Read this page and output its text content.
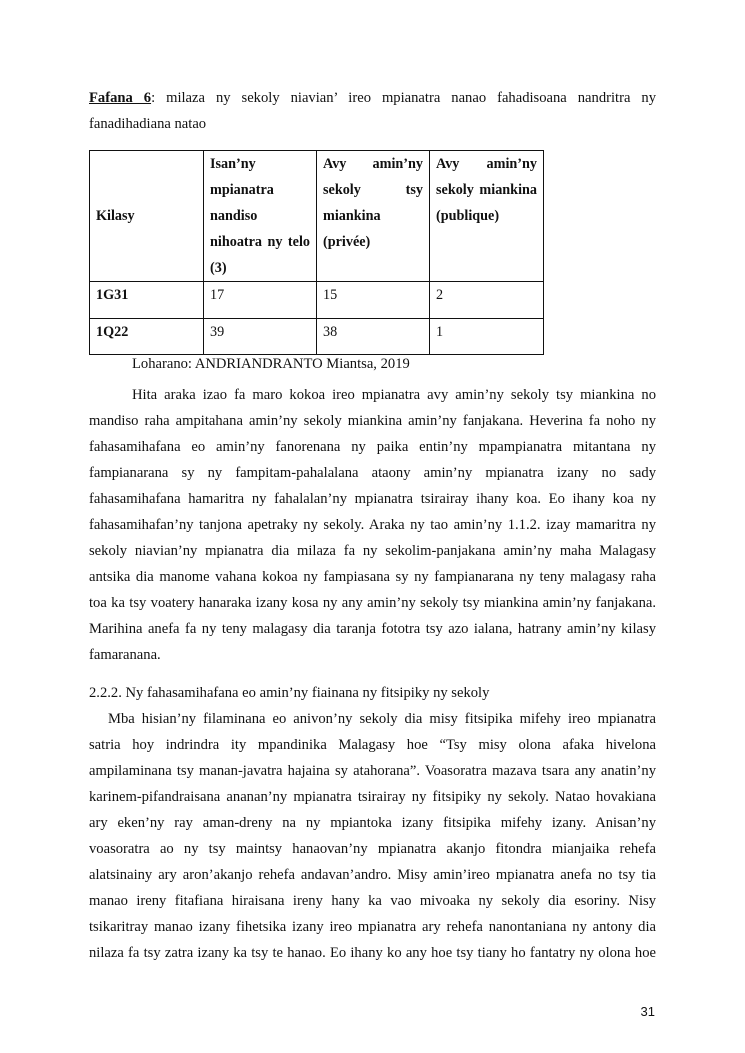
Fafana 6: milaza ny sekoly niavian’ ireo mpianatra nanao fahadisoana nandritra ny
fanadihadiana natao
Kilasy	Isan’ny mpianatra nandiso nihoatra ny telo (3)	Avy amin’ny sekoly tsy miankina (privée)	Avy amin’ny sekoly miankina (publique)
1G31	17	15	2
1Q22	39	38	1
Loharano: ANDRIANDRANTO Miantsa, 2019
Hita araka izao fa maro kokoa ireo mpianatra avy amin’ny sekoly tsy miankina no
mandiso raha ampitahana amin’ny sekoly miankina amin’ny fanjakana. Heverina fa noho ny
fahasamihafana eo amin’ny fanorenana ny paika entin’ny mpampianatra mitantana ny
fampianarana sy ny fampitam-pahalalana ataony amin’ny mpianatra izany no sady
fahasamihafana hamaritra ny fahalalan’ny mpianatra tsirairay ihany koa. Eo ihany koa ny
fahasamihafan’ny tanjona apetraky ny sekoly. Araka ny tao amin’ny 1.1.2. izay mamaritra ny
sekoly niavian’ny mpianatra dia milaza fa ny sekolim-panjakana amin’ny maha Malagasy
antsika dia manome vahana kokoa ny fampiasana sy ny fampianarana ny teny malagasy raha
toa ka tsy voatery hanaraka izany kosa ny any amin’ny sekoly tsy miankina amin’ny fanjakana.
Marihina anefa fa ny teny malagasy dia taranja fototra tsy azo ialana, hatrany amin’ny kilasy
famaranana.
2.2.2. Ny fahasamihafana eo amin’ny fiainana ny fitsipiky ny sekoly
Mba hisian’ny filaminana eo anivon’ny sekoly dia misy fitsipika mifehy ireo mpianatra
satria hoy indrindra ity mpandinika Malagasy hoe “Tsy misy olona afaka hivelona
ampilaminana tsy manan-javatra hajaina sy atahorana”. Voasoratra mazava tsara any anatin’ny
karinem-pifandraisana ananan’ny mpianatra tsirairay ny fitsipiky ny sekoly. Natao hovakiana
ary eken’ny ray aman-dreny na ny mpiantoka izany fitsipika mifehy izany. Anisan’ny
voasoratra ao ny tsy maintsy hanaovan’ny mpianatra akanjo fitondra mianjaika rehefa
alatsinainy ary aron’akanjo rehefa andavan’andro. Misy amin’ireo mpianatra anefa no tsy tia
manao ireny fitafiana hiraisana ireny hany ka vao mivoaka ny sekoly dia esoriny. Nisy
tsikaritray manao izany fihetsika izany ireo mpianatra ary rehefa nanontaniana ny antony dia
nilaza fa tsy zatra izany ka tsy te hanao. Eo ihany ko any hoe tsy tiany ho fantatry ny olona hoe
31
